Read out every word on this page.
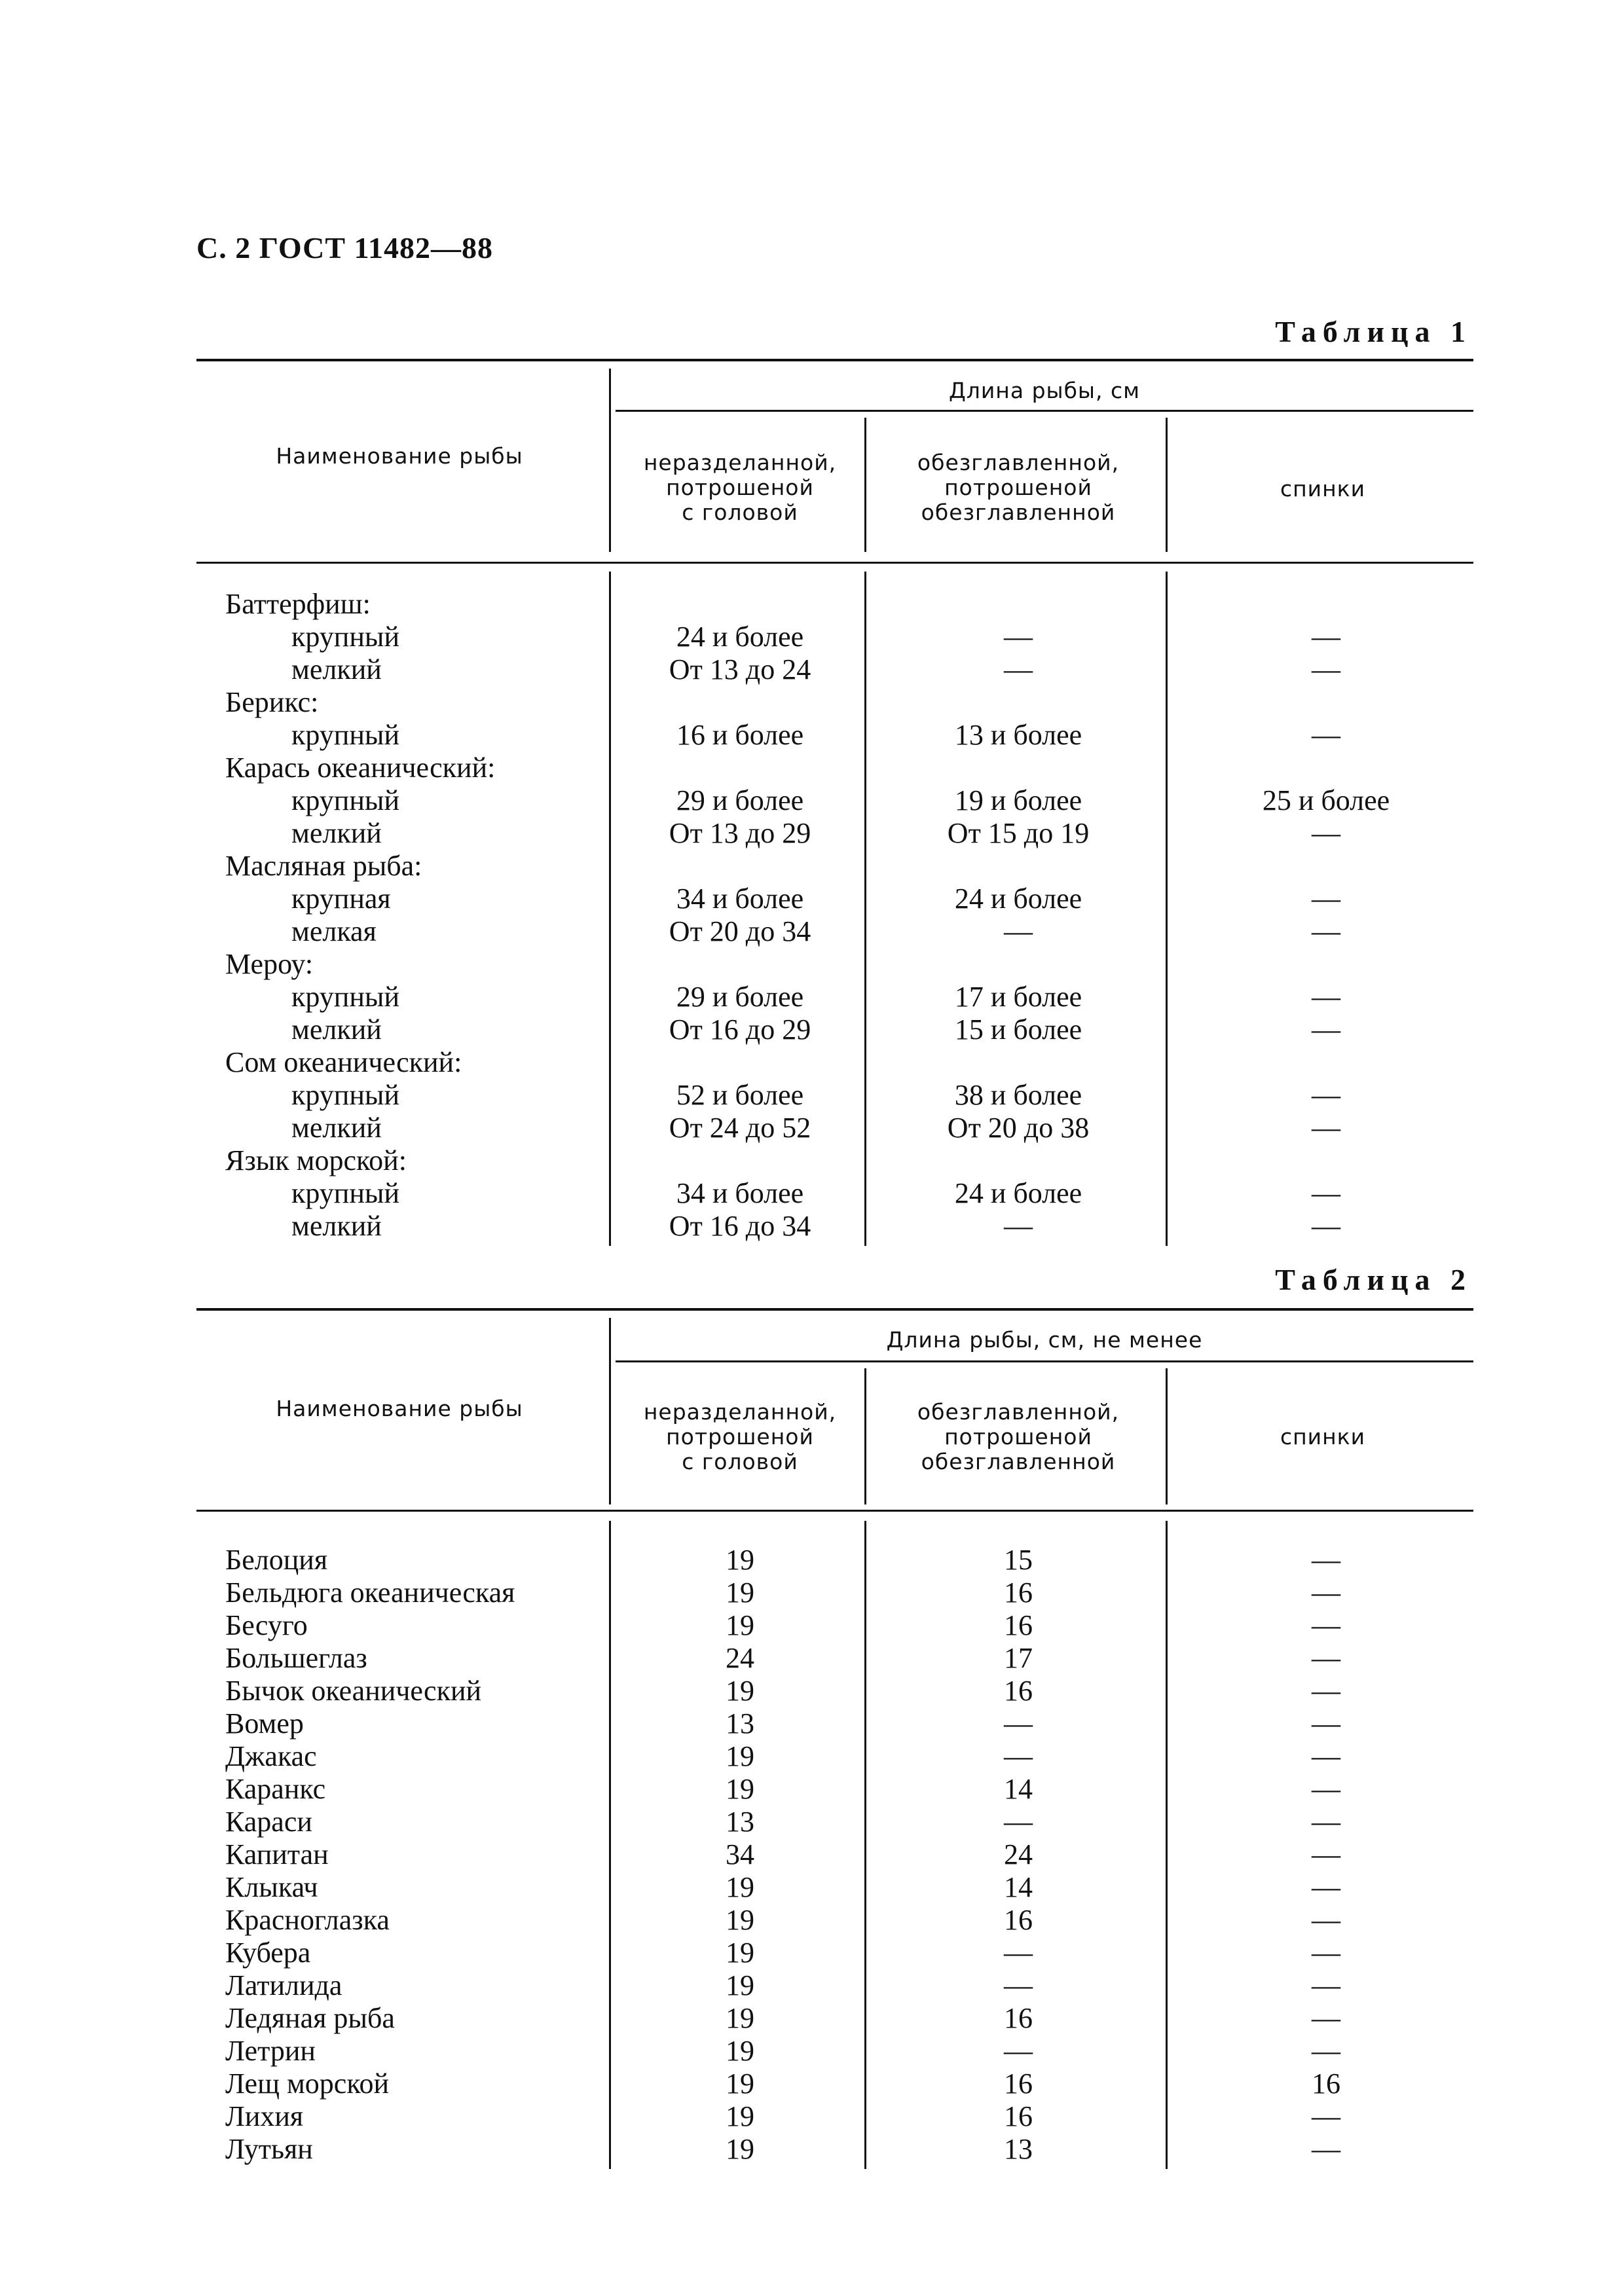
С. 2 ГОСТ 11482—88
Таблица 1
Наименование рыбы
Длина рыбы, см
неразделанной,
потрошеной
с головой
обезглавленной,
потрошеной
обезглавленной
спинки
Баттерфиш:
крупный	24 и более	—	—
мелкий	От 13 до 24	—	—
Берикс:
крупный	16 и более	13 и более	—
Карась океанический:
крупный	29 и более	19 и более	25 и более
мелкий	От 13 до 29	От 15 до 19	—
Масляная рыба:
крупная	34 и более	24 и более	—
мелкая	От 20 до 34	—	—
Мероу:
крупный	29 и более	17 и более	—
мелкий	От 16 до 29	15 и более	—
Сом океанический:
крупный	52 и более	38 и более	—
мелкий	От 24 до 52	От 20 до 38	—
Язык морской:
крупный	34 и более	24 и более	—
мелкий	От 16 до 34	—	—
Таблица 2
Наименование рыбы
Длина рыбы, см, не менее
неразделанной,
потрошеной
с головой
обезглавленной,
потрошеной
обезглавленной
спинки
Белоция	19	15	—
Бельдюга океаническая	19	16	—
Бесуго	19	16	—
Большеглаз	24	17	—
Бычок океанический	19	16	—
Вомер	13	—	—
Джакас	19	—	—
Каранкс	19	14	—
Караси	13	—	—
Капитан	34	24	—
Клыкач	19	14	—
Красноглазка	19	16	—
Кубера	19	—	—
Латилида	19	—	—
Ледяная рыба	19	16	—
Летрин	19	—	—
Лещ морской	19	16	16
Лихия	19	16	—
Лутьян	19	13	—
